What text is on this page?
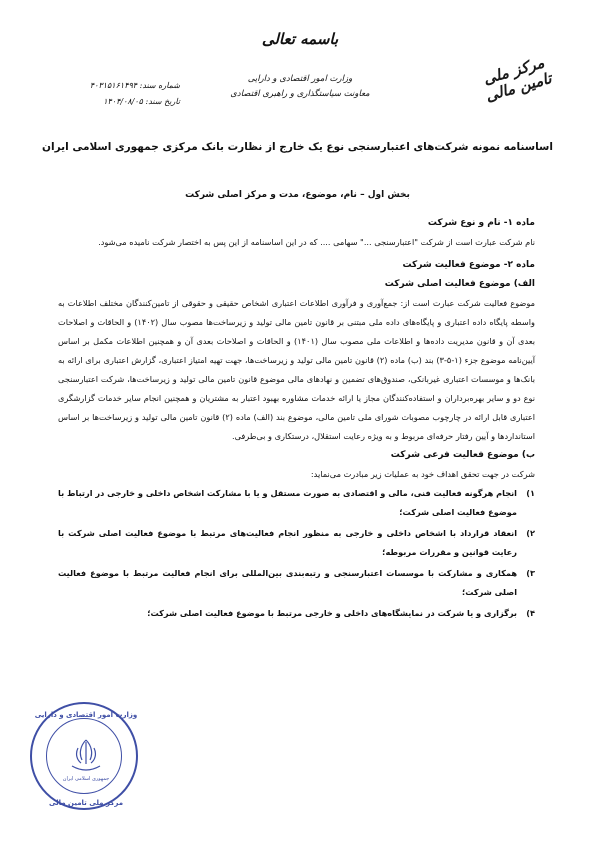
مرکز ملی تامین مالی
باسمه تعالی
وزارت امور اقتصادی و دارایی
معاونت سیاستگذاری و راهبری اقتصادی
شماره سند: ۴۰۳۱۵۱۶۱۴۹۴
تاریخ سند: ۱۴۰۴/۰۸/۰۵
اساسنامه نمونه شرکت‌های اعتبارسنجی نوع یک خارج از نظارت بانک مرکزی جمهوری اسلامی ایران
بخش اول – نام، موضوع، مدت و مرکز اصلی شرکت
ماده ۱- نام و نوع شرکت

نام شرکت عبارت است از شرکت "اعتبارسنجی ..." سهامی .... که در این اساسنامه از این پس به اختصار شرکت نامیده می‌شود.

ماده ۲- موضوع فعالیت شرکت
الف) موضوع فعالیت اصلی شرکت

موضوع فعالیت شرکت عبارت است از: جمع‌آوری و فرآوری اطلاعات اعتباری اشخاص حقیقی و حقوقی از تامین‌کنندگان مختلف اطلاعات به واسطه پایگاه داده اعتباری و پایگاه‌های داده ملی مبتنی بر قانون تامین مالی تولید و زیرساخت‌ها مصوب سال (۱۴۰۲) و الحاقات و اصلاحات بعدی آن و قانون مدیریت داده‌ها و اطلاعات ملی مصوب سال (۱۴۰۱) و الحاقات و اصلاحات بعدی آن و همچنین اطلاعات مکمل بر اساس آیین‌نامه موضوع جزء (۱-۵-۳) بند (ب) ماده (۲) قانون تامین مالی تولید و زیرساخت‌ها، جهت تهیه امتیاز اعتباری، گزارش اعتباری برای ارائه به بانک‌ها و موسسات اعتباری غیربانکی، صندوق‌های تضمین و نهادهای مالی موضوع قانون تامین مالی تولید و زیرساخت‌ها، شرکت اعتبارسنجی نوع دو و سایر بهره‌برداران و استفاده‌کنندگان مجاز یا ارائه خدمات مشاوره بهبود اعتبار به مشتریان و همچنین انجام سایر خدمات گزارشگری اعتباری قابل ارائه در چارچوب مصوبات شورای ملی تامین مالی، موضوع بند (الف) ماده (۲) قانون تامین مالی تولید و زیرساخت‌ها بر اساس استانداردها و آیین رفتار حرفه‌ای مربوط و به ویژه رعایت استقلال، درستکاری و بی‌طرفی.

ب) موضوع فعالیت فرعی شرکت

شرکت در جهت تحقق اهداف خود به عملیات زیر مبادرت می‌نماید:

۱)
انجام هرگونه فعالیت فنی، مالی و اقتصادی به صورت مستقل و یا با مشارکت اشخاص داخلی و خارجی در ارتباط با موضوع فعالیت اصلی شرکت؛
۲)
انعقاد قرارداد با اشخاص داخلی و خارجی به منظور انجام فعالیت‌های مرتبط با موضوع فعالیت اصلی شرکت با رعایت قوانین و مقررات مربوطه؛
۳)
همکاری و مشارکت با موسسات اعتبارسنجی و رتبه‌بندی بین‌المللی برای انجام فعالیت مرتبط با موضوع فعالیت اصلی شرکت؛
۴)
برگزاری و یا شرکت در نمایشگاه‌های داخلی و خارجی مرتبط با موضوع فعالیت اصلی شرکت؛
جمهوری اسلامی ایران
وزارت امور اقتصادی و دارایی
مرکز ملی تامین مالی
